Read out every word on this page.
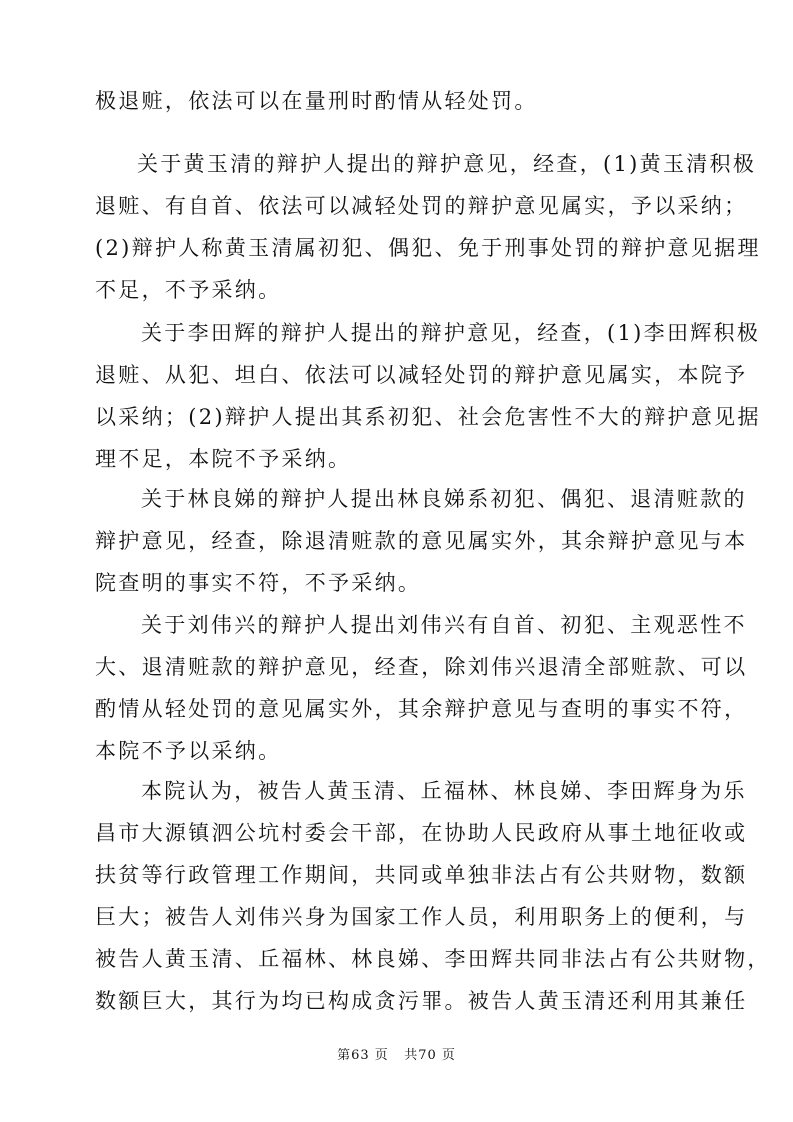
极退赃，依法可以在量刑时酌情从轻处罚。
关于黄玉清的辩护人提出的辩护意见，经查，(1)黄玉清积极
退赃、有自首、依法可以减轻处罚的辩护意见属实，予以采纳；
(2)辩护人称黄玉清属初犯、偶犯、免于刑事处罚的辩护意见据理
不足，不予采纳。
关于李田辉的辩护人提出的辩护意见，经查，(1)李田辉积极
退赃、从犯、坦白、依法可以减轻处罚的辩护意见属实，本院予
以采纳；(2)辩护人提出其系初犯、社会危害性不大的辩护意见据
理不足，本院不予采纳。
关于林良娣的辩护人提出林良娣系初犯、偶犯、退清赃款的
辩护意见，经查，除退清赃款的意见属实外，其余辩护意见与本
院查明的事实不符，不予采纳。
关于刘伟兴的辩护人提出刘伟兴有自首、初犯、主观恶性不
大、退清赃款的辩护意见，经查，除刘伟兴退清全部赃款、可以
酌情从轻处罚的意见属实外，其余辩护意见与查明的事实不符，
本院不予以采纳。
本院认为，被告人黄玉清、丘福林、林良娣、李田辉身为乐
昌市大源镇泗公坑村委会干部，在协助人民政府从事土地征收或
扶贫等行政管理工作期间，共同或单独非法占有公共财物，数额
巨大；被告人刘伟兴身为国家工作人员，利用职务上的便利，与
被告人黄玉清、丘福林、林良娣、李田辉共同非法占有公共财物，
数额巨大，其行为均已构成贪污罪。被告人黄玉清还利用其兼任
第63 页   共70 页
